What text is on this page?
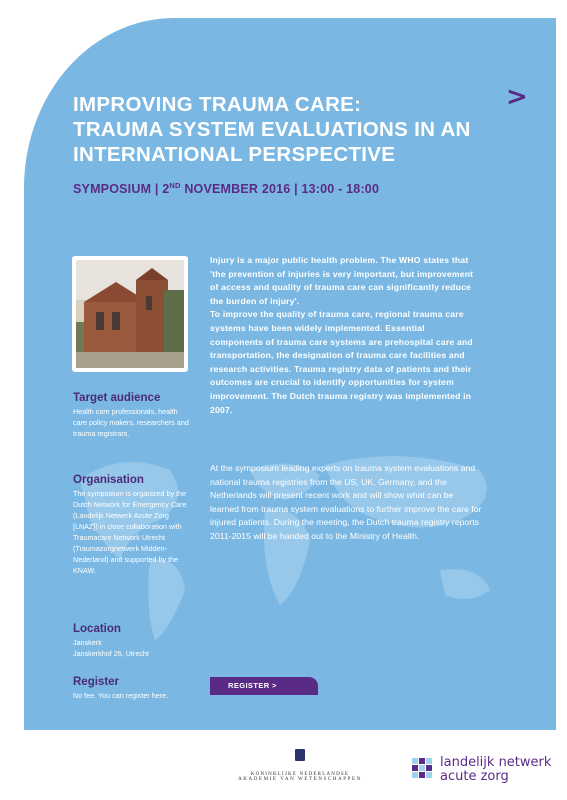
>
IMPROVING TRAUMA CARE:
TRAUMA SYSTEM EVALUATIONS IN AN
INTERNATIONAL PERSPECTIVE
SYMPOSIUM | 2ND NOVEMBER 2016 | 13:00 - 18:00
Target audience

Health care professionals, health care policy makers, researchers and trauma registrars.

Organisation

The symposium is organized by the Dutch Network for Emergency Care (Landelijk Netwerk Acute Zorg [LNAZ]) in close collaboration with Traumacare Network Utrecht (Traumazorgnetwerk Midden-Nederland) and supported by the KNAW.

Location

Janskerk

Janskerkhof 26, Utrecht

Register

No fee. You can register here.

Injury is a major public health problem. The WHO states that 'the prevention of injuries is very important, but improvement of access and quality of trauma care can significantly reduce the burden of injury'.

To improve the quality of trauma care, regional trauma care systems have been widely implemented. Essential components of trauma care systems are prehospital care and transportation, the designation of trauma care facilities and research activities. Trauma registry data of patients and their outcomes are crucial to identify opportunities for system improvement. The Dutch trauma registry was implemented in 2007.

At the symposium leading experts on trauma system evaluations and national trauma registries from the US, UK, Germany, and the Netherlands will present recent work and will show what can be learned from trauma system evaluations to further improve the care for injured patients. During the meeting, the Dutch trauma registry reports 2011-2015 will be handed out to the Ministry of Health.

REGISTER >
KONINKLIJKE NEDERLANDSE
AKADEMIE VAN WETENSCHAPPEN
landelijk netwerk
acute zorg
